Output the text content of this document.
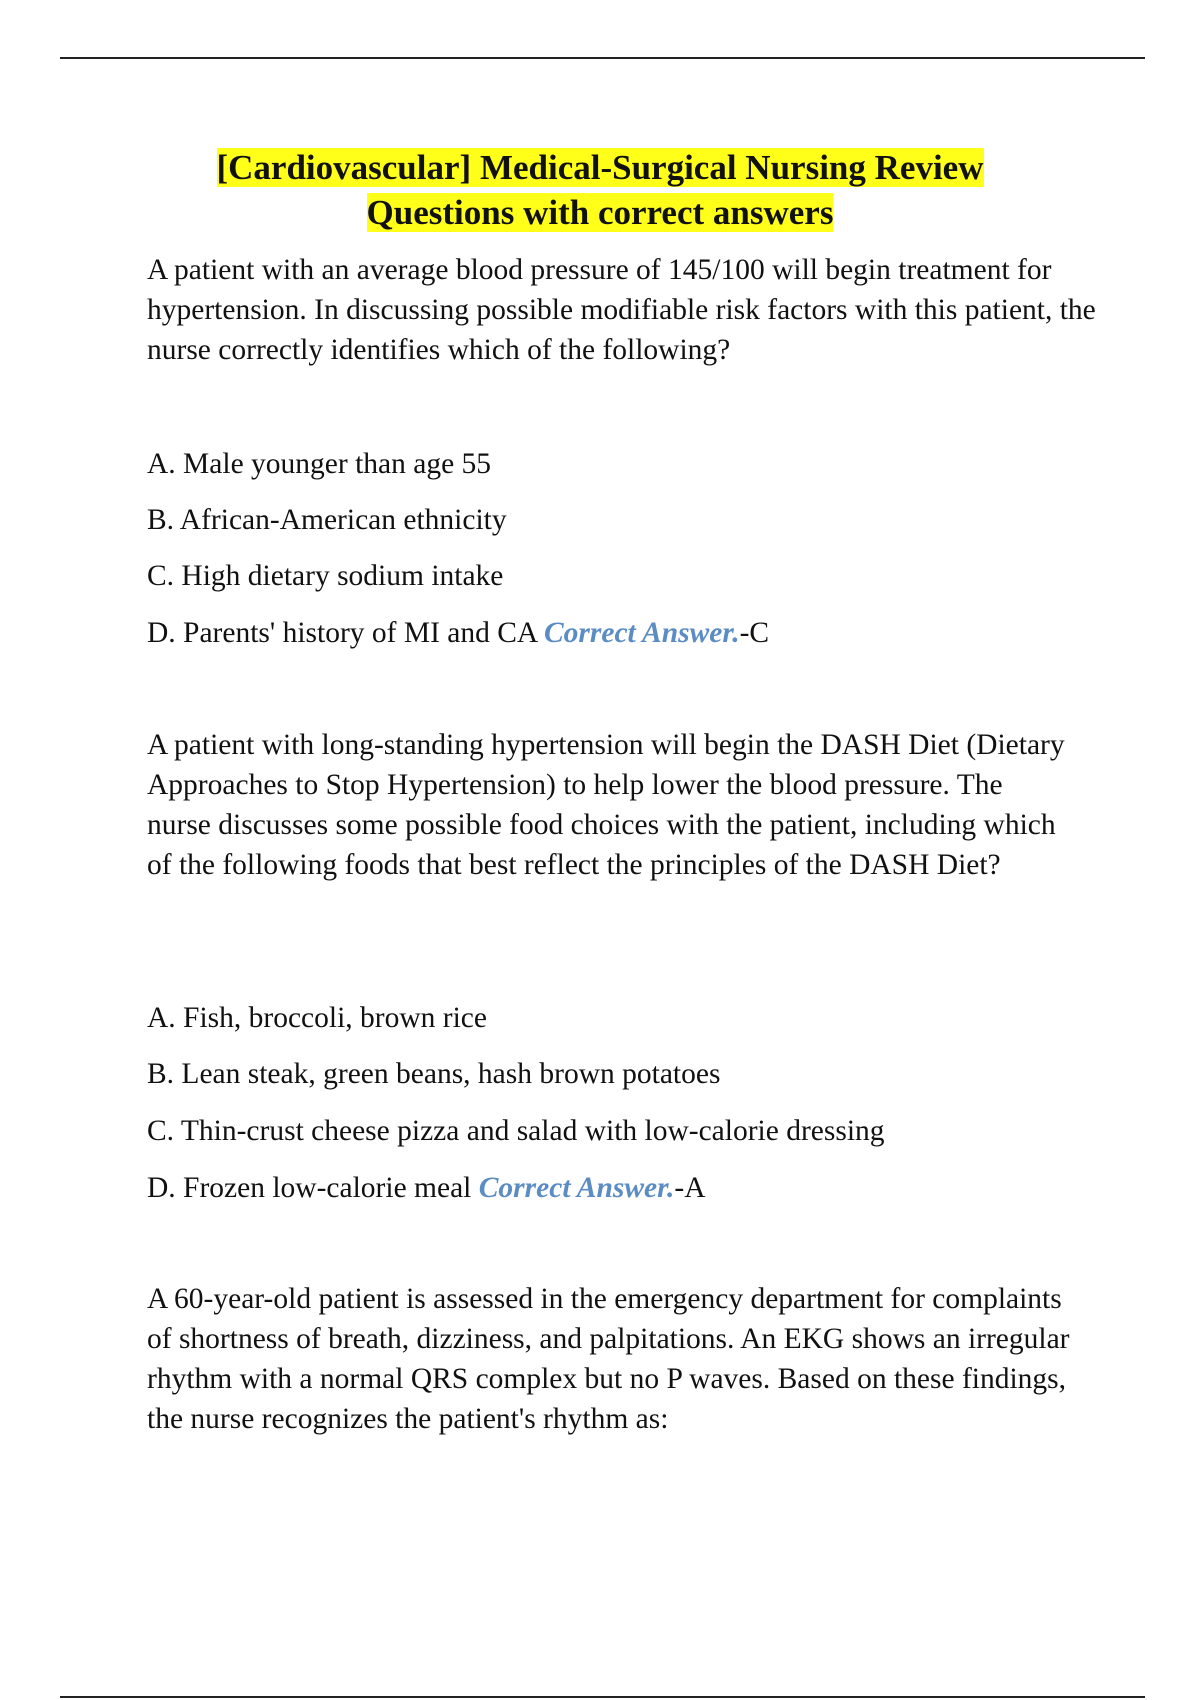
[Cardiovascular] Medical-Surgical Nursing Review
Questions with correct answers

A patient with an average blood pressure of 145/100 will begin treatment for hypertension. In discussing possible modifiable risk factors with this patient, the nurse correctly identifies which of the following?

A. Male younger than age 55
B. African-American ethnicity
C. High dietary sodium intake
D. Parents' history of MI and CA Correct Answer.-C

A patient with long-standing hypertension will begin the DASH Diet (Dietary Approaches to Stop Hypertension) to help lower the blood pressure. The nurse discusses some possible food choices with the patient, including which of the following foods that best reflect the principles of the DASH Diet?

A. Fish, broccoli, brown rice
B. Lean steak, green beans, hash brown potatoes
C. Thin-crust cheese pizza and salad with low-calorie dressing
D. Frozen low-calorie meal Correct Answer.-A

A 60-year-old patient is assessed in the emergency department for complaints of shortness of breath, dizziness, and palpitations. An EKG shows an irregular rhythm with a normal QRS complex but no P waves. Based on these findings, the nurse recognizes the patient's rhythm as:
